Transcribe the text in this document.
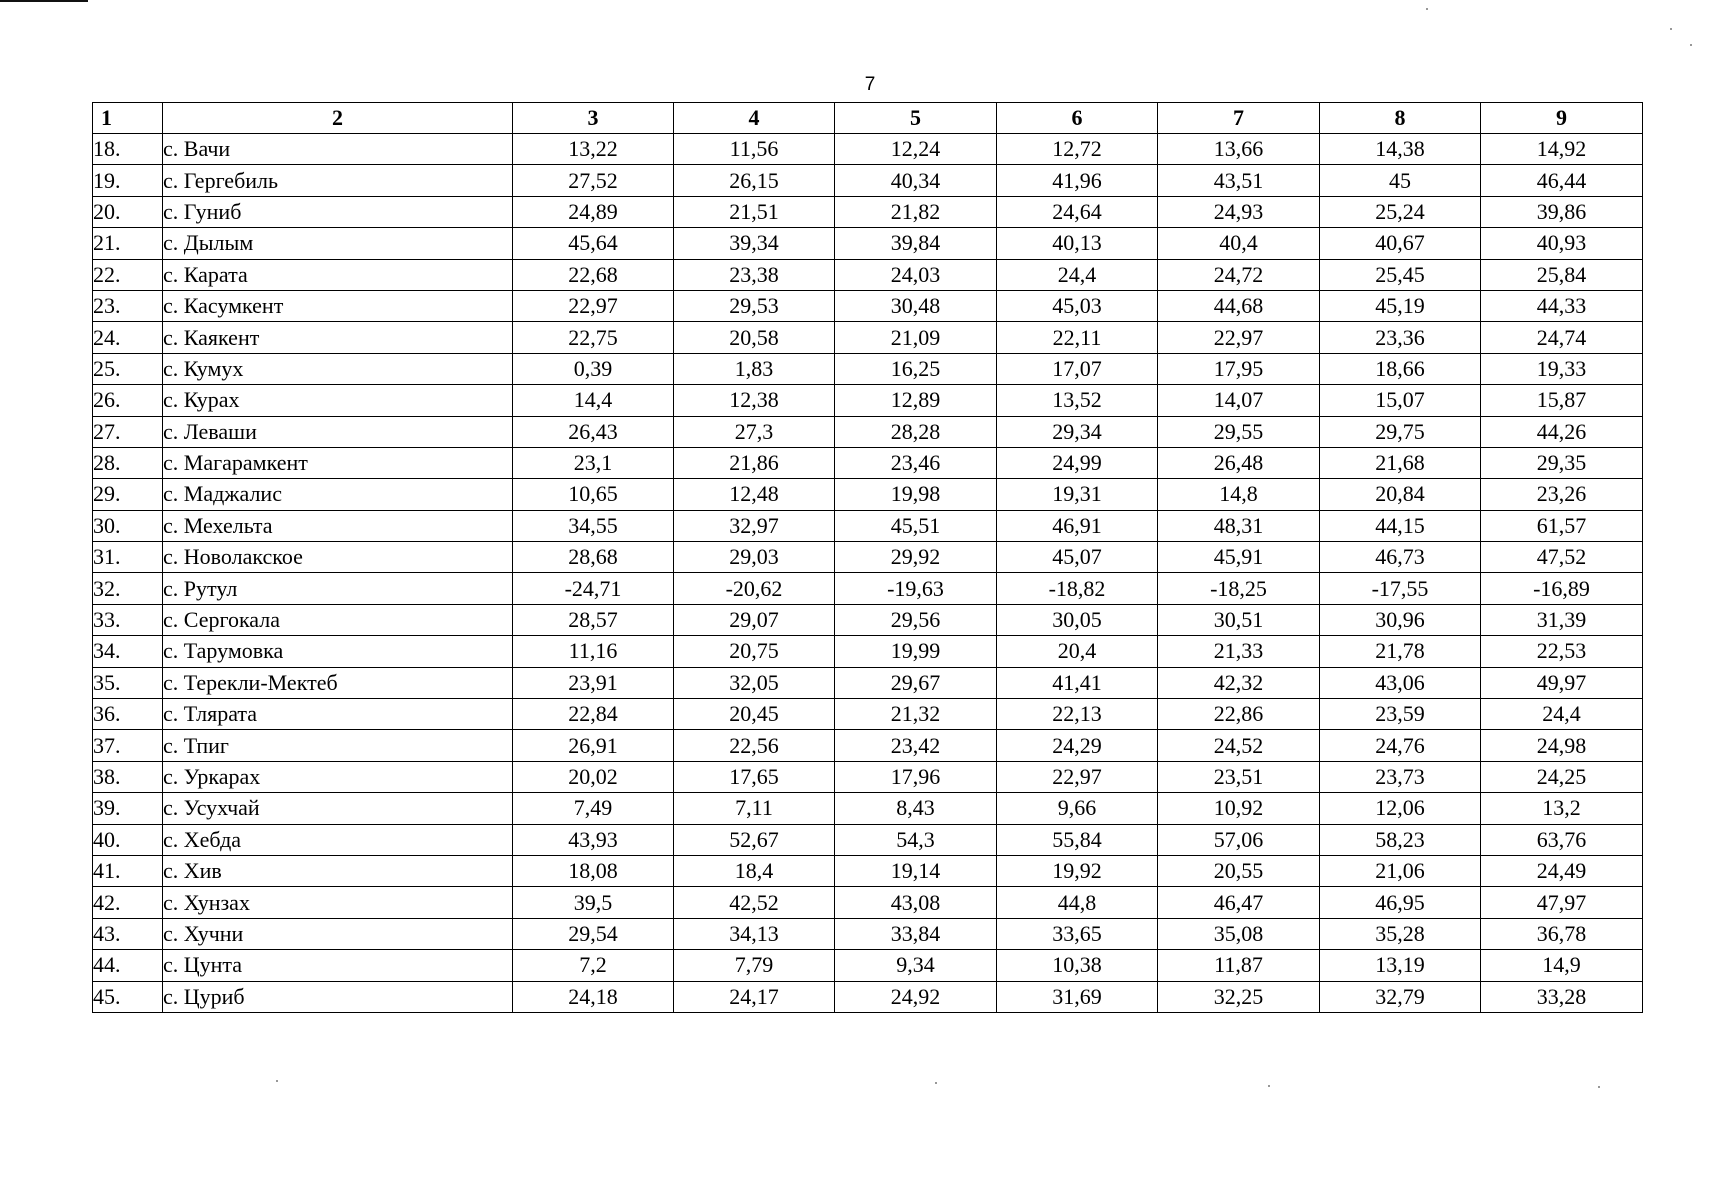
7
1	2	3	4	5	6	7	8	9
18.	с. Вачи	13,22	11,56	12,24	12,72	13,66	14,38	14,92
19.	с. Гергебиль	27,52	26,15	40,34	41,96	43,51	45	46,44
20.	с. Гуниб	24,89	21,51	21,82	24,64	24,93	25,24	39,86
21.	с. Дылым	45,64	39,34	39,84	40,13	40,4	40,67	40,93
22.	с. Карата	22,68	23,38	24,03	24,4	24,72	25,45	25,84
23.	с. Касумкент	22,97	29,53	30,48	45,03	44,68	45,19	44,33
24.	с. Каякент	22,75	20,58	21,09	22,11	22,97	23,36	24,74
25.	с. Кумух	0,39	1,83	16,25	17,07	17,95	18,66	19,33
26.	с. Курах	14,4	12,38	12,89	13,52	14,07	15,07	15,87
27.	с. Леваши	26,43	27,3	28,28	29,34	29,55	29,75	44,26
28.	с. Магарамкент	23,1	21,86	23,46	24,99	26,48	21,68	29,35
29.	с. Маджалис	10,65	12,48	19,98	19,31	14,8	20,84	23,26
30.	с. Мехельта	34,55	32,97	45,51	46,91	48,31	44,15	61,57
31.	с. Новолакское	28,68	29,03	29,92	45,07	45,91	46,73	47,52
32.	с. Рутул	-24,71	-20,62	-19,63	-18,82	-18,25	-17,55	-16,89
33.	с. Сергокала	28,57	29,07	29,56	30,05	30,51	30,96	31,39
34.	с. Тарумовка	11,16	20,75	19,99	20,4	21,33	21,78	22,53
35.	с. Терекли-Мектеб	23,91	32,05	29,67	41,41	42,32	43,06	49,97
36.	с. Тлярата	22,84	20,45	21,32	22,13	22,86	23,59	24,4
37.	с. Тпиг	26,91	22,56	23,42	24,29	24,52	24,76	24,98
38.	с. Уркарах	20,02	17,65	17,96	22,97	23,51	23,73	24,25
39.	с. Усухчай	7,49	7,11	8,43	9,66	10,92	12,06	13,2
40.	с. Хебда	43,93	52,67	54,3	55,84	57,06	58,23	63,76
41.	с. Хив	18,08	18,4	19,14	19,92	20,55	21,06	24,49
42.	с. Хунзах	39,5	42,52	43,08	44,8	46,47	46,95	47,97
43.	с. Хучни	29,54	34,13	33,84	33,65	35,08	35,28	36,78
44.	с. Цунта	7,2	7,79	9,34	10,38	11,87	13,19	14,9
45.	с. Цуриб	24,18	24,17	24,92	31,69	32,25	32,79	33,28
